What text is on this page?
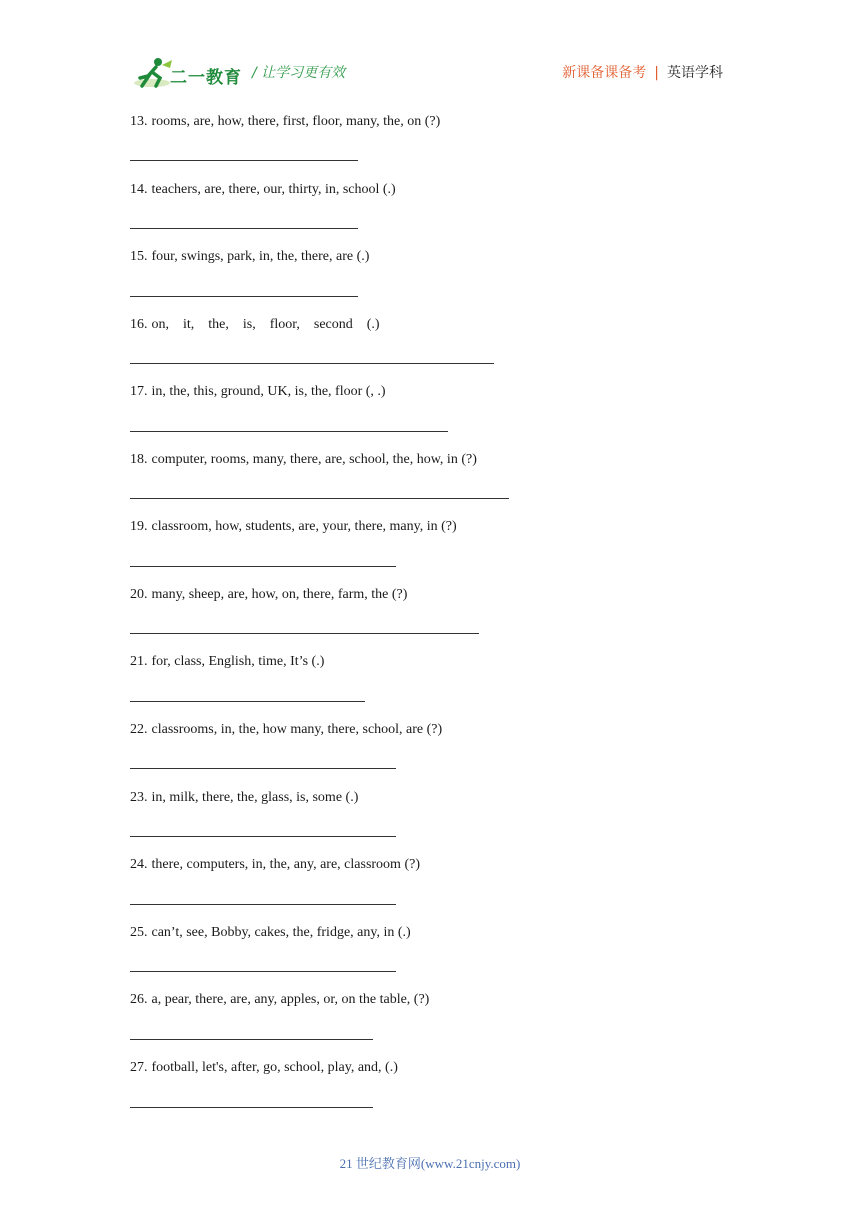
二一教育 / 让学习更有效	新课备课备考 | 英语学科
13. rooms, are, how, there, first, floor, many, the, on (?)
14. teachers, are, there, our, thirty, in, school (.)
15. four, swings, park, in, the, there, are (.)
16. on,    it,    the,    is,    floor,    second    (.)
17. in, the, this, ground, UK, is, the, floor (, .)
18. computer, rooms, many, there, are, school, the, how, in (?)
19. classroom, how, students, are, your, there, many, in (?)
20. many, sheep, are, how, on, there, farm, the (?)
21. for, class, English, time, It’s (.)
22. classrooms, in, the, how many, there, school, are (?)
23. in, milk, there, the, glass, is, some (.)
24. there, computers, in, the, any, are, classroom (?)
25. can’t, see, Bobby, cakes, the, fridge, any, in (.)
26. a, pear, there, are, any, apples, or, on the table, (?)
27. football, let's, after, go, school, play, and, (.)
21 世纪教育网(www.21cnjy.com)
